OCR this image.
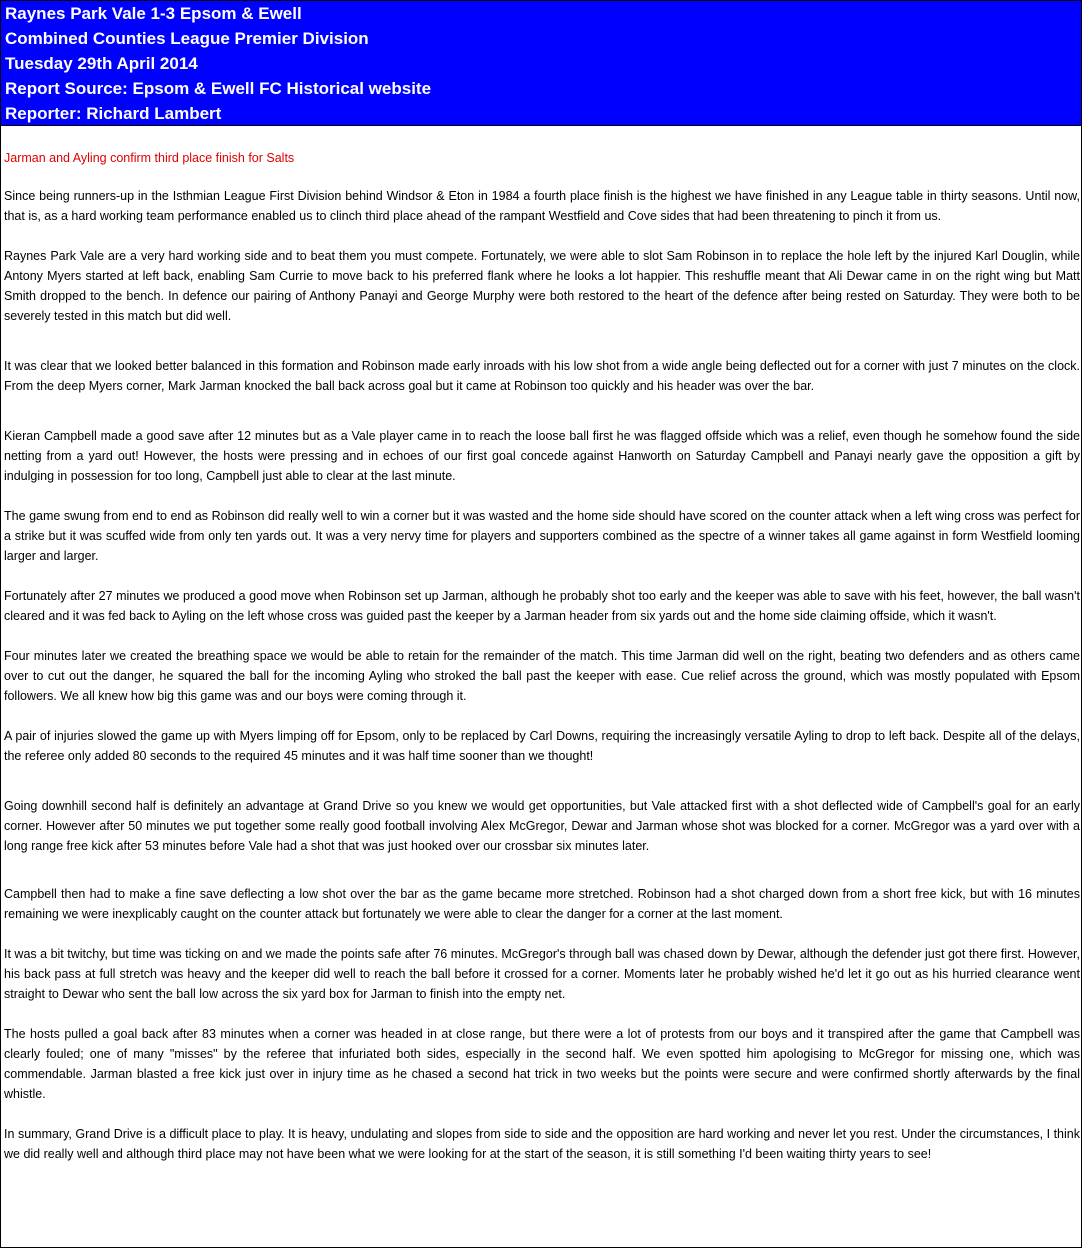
Raynes Park Vale 1-3 Epsom & Ewell
Combined Counties League Premier Division
Tuesday 29th April 2014
Report Source: Epsom & Ewell FC Historical website
Reporter: Richard Lambert
Jarman and Ayling confirm third place finish for Salts

Since being runners-up in the Isthmian League First Division behind Windsor & Eton in 1984 a fourth place finish is the highest we have finished in any League table in thirty seasons. Until now, that is, as a hard working team performance enabled us to clinch third place ahead of the rampant Westfield and Cove sides that had been threatening to pinch it from us.

Raynes Park Vale are a very hard working side and to beat them you must compete. Fortunately, we were able to slot Sam Robinson in to replace the hole left by the injured Karl Douglin, while Antony Myers started at left back, enabling Sam Currie to move back to his preferred flank where he looks a lot happier. This reshuffle meant that Ali Dewar came in on the right wing but Matt Smith dropped to the bench. In defence our pairing of Anthony Panayi and George Murphy were both restored to the heart of the defence after being rested on Saturday. They were both to be severely tested in this match but did well.

It was clear that we looked better balanced in this formation and Robinson made early inroads with his low shot from a wide angle being deflected out for a corner with just 7 minutes on the clock. From the deep Myers corner, Mark Jarman knocked the ball back across goal but it came at Robinson too quickly and his header was over the bar.

Kieran Campbell made a good save after 12 minutes but as a Vale player came in to reach the loose ball first he was flagged offside which was a relief, even though he somehow found the side netting from a yard out! However, the hosts were pressing and in echoes of our first goal concede against Hanworth on Saturday Campbell and Panayi nearly gave the opposition a gift by indulging in possession for too long, Campbell just able to clear at the last minute.

The game swung from end to end as Robinson did really well to win a corner but it was wasted and the home side should have scored on the counter attack when a left wing cross was perfect for a strike but it was scuffed wide from only ten yards out. It was a very nervy time for players and supporters combined as the spectre of a winner takes all game against in form Westfield looming larger and larger.

Fortunately after 27 minutes we produced a good move when Robinson set up Jarman, although he probably shot too early and the keeper was able to save with his feet, however, the ball wasn't cleared and it was fed back to Ayling on the left whose cross was guided past the keeper by a Jarman header from six yards out and the home side claiming offside, which it wasn't.

Four minutes later we created the breathing space we would be able to retain for the remainder of the match. This time Jarman did well on the right, beating two defenders and as others came over to cut out the danger, he squared the ball for the incoming Ayling who stroked the ball past the keeper with ease. Cue relief across the ground, which was mostly populated with Epsom followers. We all knew how big this game was and our boys were coming through it.

A pair of injuries slowed the game up with Myers limping off for Epsom, only to be replaced by Carl Downs, requiring the increasingly versatile Ayling to drop to left back. Despite all of the delays, the referee only added 80 seconds to the required 45 minutes and it was half time sooner than we thought!

Going downhill second half is definitely an advantage at Grand Drive so you knew we would get opportunities, but Vale attacked first with a shot deflected wide of Campbell's goal for an early corner. However after 50 minutes we put together some really good football involving Alex McGregor, Dewar and Jarman whose shot was blocked for a corner. McGregor was a yard over with a long range free kick after 53 minutes before Vale had a shot that was just hooked over our crossbar six minutes later.

Campbell then had to make a fine save deflecting a low shot over the bar as the game became more stretched. Robinson had a shot charged down from a short free kick, but with 16 minutes remaining we were inexplicably caught on the counter attack but fortunately we were able to clear the danger for a corner at the last moment.

It was a bit twitchy, but time was ticking on and we made the points safe after 76 minutes. McGregor's through ball was chased down by Dewar, although the defender just got there first. However, his back pass at full stretch was heavy and the keeper did well to reach the ball before it crossed for a corner. Moments later he probably wished he'd let it go out as his hurried clearance went straight to Dewar who sent the ball low across the six yard box for Jarman to finish into the empty net.

The hosts pulled a goal back after 83 minutes when a corner was headed in at close range, but there were a lot of protests from our boys and it transpired after the game that Campbell was clearly fouled; one of many "misses" by the referee that infuriated both sides, especially in the second half. We even spotted him apologising to McGregor for missing one, which was commendable. Jarman blasted a free kick just over in injury time as he chased a second hat trick in two weeks but the points were secure and were confirmed shortly afterwards by the final whistle.

In summary, Grand Drive is a difficult place to play. It is heavy, undulating and slopes from side to side and the opposition are hard working and never let you rest. Under the circumstances, I think we did really well and although third place may not have been what we were looking for at the start of the season, it is still something I'd been waiting thirty years to see!
